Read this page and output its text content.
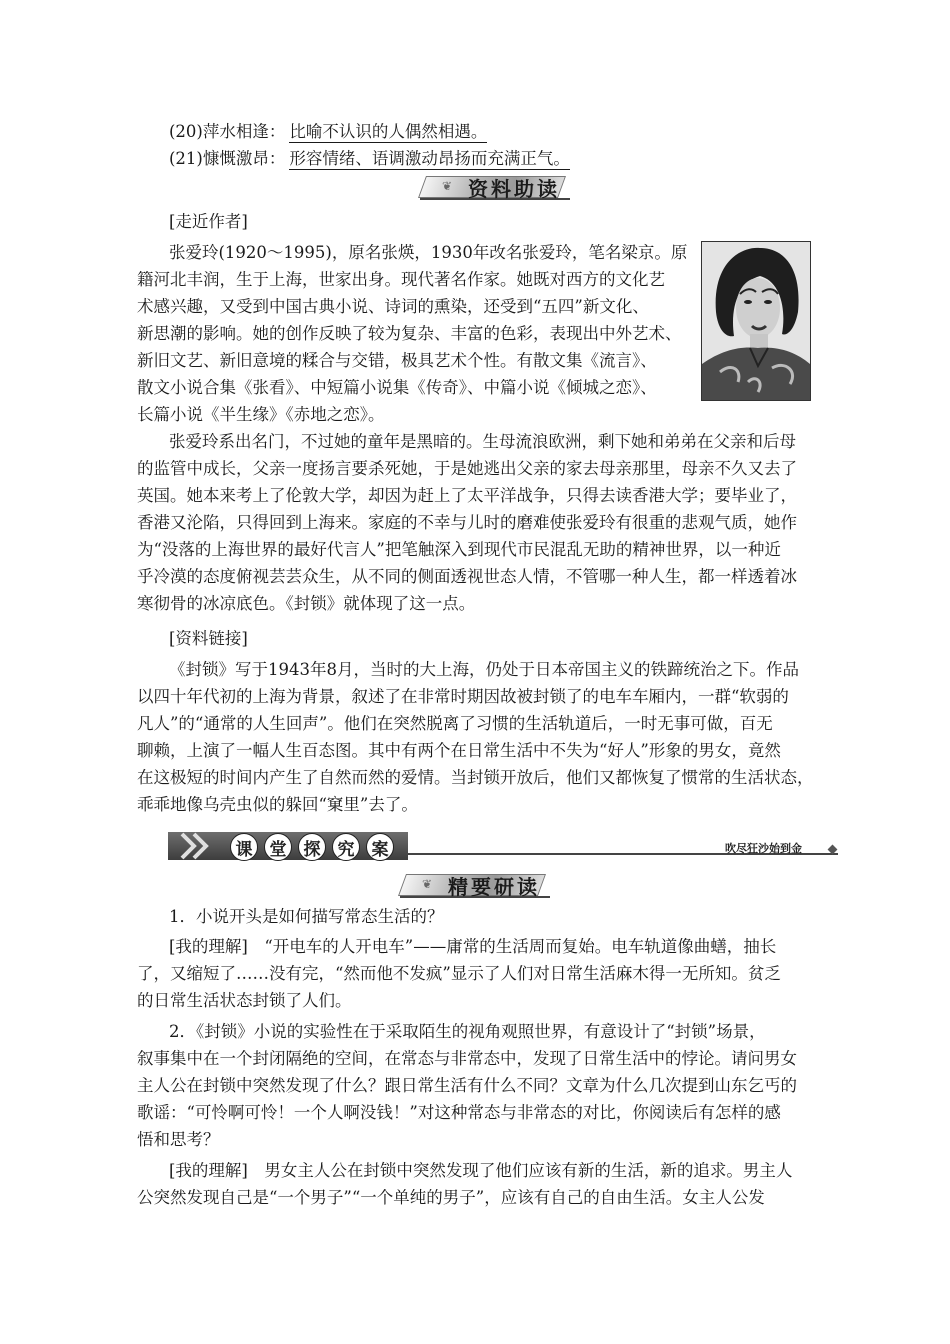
(20)萍水相逢： 比喻不认识的人偶然相遇。
(21)慷慨激昂： 形容情绪、语调激动昂扬而充满正气。
❦ 资料助读
[走近作者]
张爱玲(1920～1995)，原名张煐，1930年改名张爱玲，笔名梁京。原
籍河北丰润，生于上海，世家出身。现代著名作家。她既对西方的文化艺
术感兴趣，又受到中国古典小说、诗词的熏染，还受到“五四”新文化、
新思潮的影响。她的创作反映了较为复杂、丰富的色彩，表现出中外艺术、
新旧文艺、新旧意境的糅合与交错，极具艺术个性。有散文集《流言》、
散文小说合集《张看》、中短篇小说集《传奇》、中篇小说《倾城之恋》、
长篇小说《半生缘》《赤地之恋》。
张爱玲系出名门，不过她的童年是黑暗的。生母流浪欧洲，剩下她和弟弟在父亲和后母
的监管中成长，父亲一度扬言要杀死她，于是她逃出父亲的家去母亲那里，母亲不久又去了
英国。她本来考上了伦敦大学，却因为赶上了太平洋战争，只得去读香港大学；要毕业了，
香港又沦陷，只得回到上海来。家庭的不幸与儿时的磨难使张爱玲有很重的悲观气质，她作
为“没落的上海世界的最好代言人”把笔触深入到现代市民混乱无助的精神世界，以一种近
乎冷漠的态度俯视芸芸众生，从不同的侧面透视世态人情，不管哪一种人生，都一样透着冰
寒彻骨的冰凉底色。《封锁》就体现了这一点。
[资料链接]
《封锁》写于1943年8月，当时的大上海，仍处于日本帝国主义的铁蹄统治之下。作品
以四十年代初的上海为背景，叙述了在非常时期因故被封锁了的电车车厢内，一群“软弱的
凡人”的“通常的人生回声”。他们在突然脱离了习惯的生活轨道后，一时无事可做，百无
聊赖，上演了一幅人生百态图。其中有两个在日常生活中不失为“好人”形象的男女，竟然
在这极短的时间内产生了自然而然的爱情。当封锁开放后，他们又都恢复了惯常的生活状态，
乖乖地像乌壳虫似的躲回“窠里”去了。
课	堂	探	究	案	吹尽狂沙始到金
❦ 精要研读
1．小说开头是如何描写常态生活的？
[我的理解]　“开电车的人开电车”——庸常的生活周而复始。电车轨道像曲蟮，抽长
了，又缩短了……没有完，“然而他不发疯”显示了人们对日常生活麻木得一无所知。贫乏
的日常生活状态封锁了人们。
2．《封锁》小说的实验性在于采取陌生的视角观照世界，有意设计了“封锁”场景，
叙事集中在一个封闭隔绝的空间，在常态与非常态中，发现了日常生活中的悖论。请问男女
主人公在封锁中突然发现了什么？跟日常生活有什么不同？文章为什么几次提到山东乞丐的
歌谣：“可怜啊可怜！一个人啊没钱！”对这种常态与非常态的对比，你阅读后有怎样的感
悟和思考？
[我的理解]　男女主人公在封锁中突然发现了他们应该有新的生活，新的追求。男主人
公突然发现自己是“一个男子”“一个单纯的男子”，应该有自己的自由生活。女主人公发
